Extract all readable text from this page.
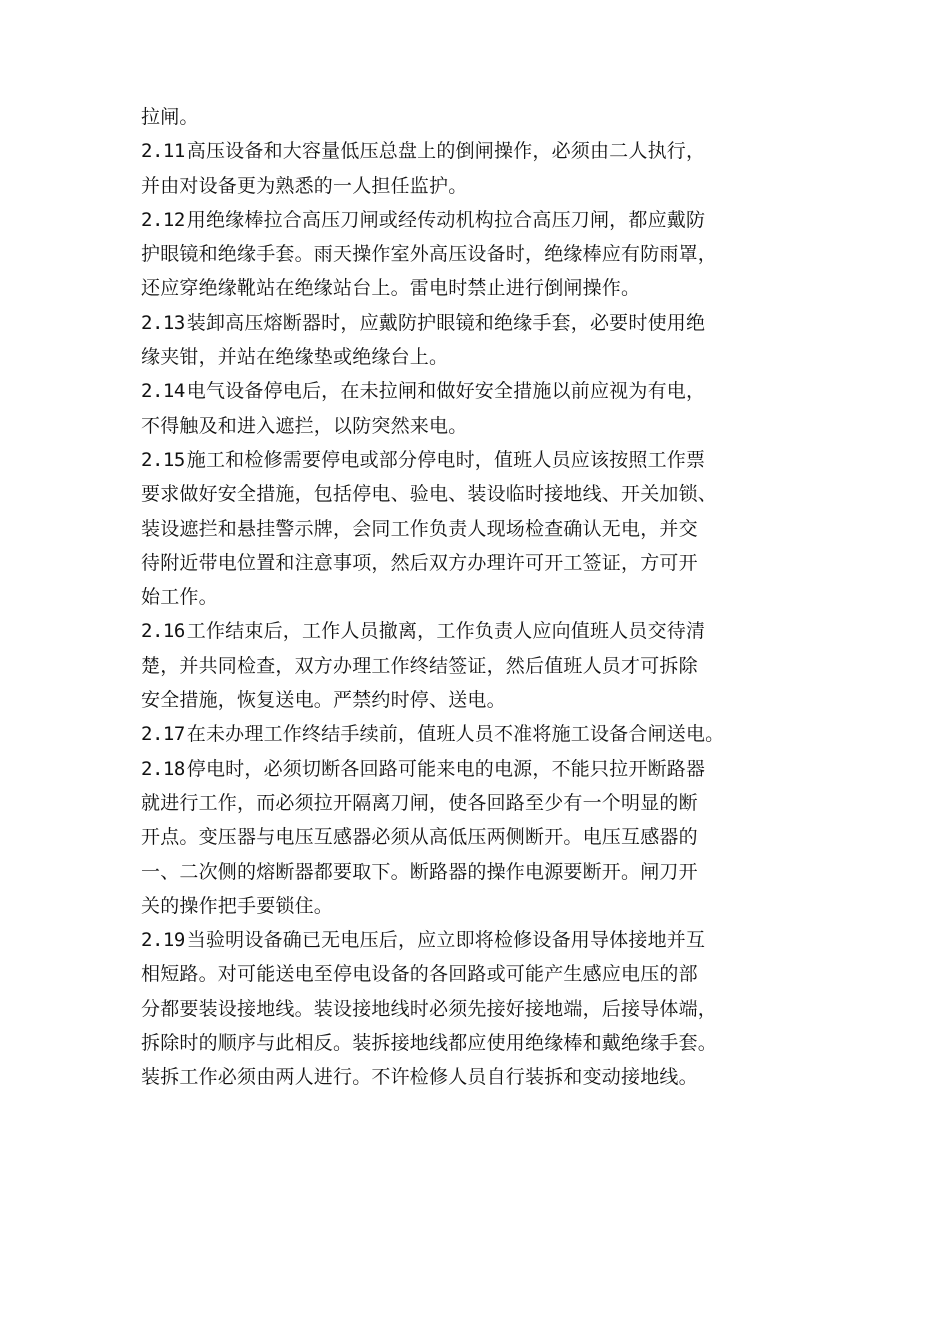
拉闸。
2.11 高压设备和大容量低压总盘上的倒闸操作，必须由二人执行，
并由对设备更为熟悉的一人担任监护。
2.12 用绝缘棒拉合高压刀闸或经传动机构拉合高压刀闸，都应戴防
护眼镜和绝缘手套。雨天操作室外高压设备时，绝缘棒应有防雨罩，
还应穿绝缘靴站在绝缘站台上。雷电时禁止进行倒闸操作。
2.13 装卸高压熔断器时，应戴防护眼镜和绝缘手套，必要时使用绝
缘夹钳，并站在绝缘垫或绝缘台上。
2.14 电气设备停电后，在未拉闸和做好安全措施以前应视为有电，
不得触及和进入遮拦，以防突然来电。
2.15 施工和检修需要停电或部分停电时，值班人员应该按照工作票
要求做好安全措施，包括停电、验电、装设临时接地线、开关加锁、
装设遮拦和悬挂警示牌，会同工作负责人现场检查确认无电，并交
待附近带电位置和注意事项，然后双方办理许可开工签证，方可开
始工作。
2.16 工作结束后，工作人员撤离，工作负责人应向值班人员交待清
楚，并共同检查，双方办理工作终结签证，然后值班人员才可拆除
安全措施，恢复送电。严禁约时停、送电。
2.17 在未办理工作终结手续前，值班人员不准将施工设备合闸送电。
2.18 停电时，必须切断各回路可能来电的电源，不能只拉开断路器
就进行工作，而必须拉开隔离刀闸，使各回路至少有一个明显的断
开点。变压器与电压互感器必须从高低压两侧断开。电压互感器的
一、二次侧的熔断器都要取下。断路器的操作电源要断开。闸刀开
关的操作把手要锁住。
2.19 当验明设备确已无电压后，应立即将检修设备用导体接地并互
相短路。对可能送电至停电设备的各回路或可能产生感应电压的部
分都要装设接地线。装设接地线时必须先接好接地端，后接导体端，
拆除时的顺序与此相反。装拆接地线都应使用绝缘棒和戴绝缘手套。
装拆工作必须由两人进行。不许检修人员自行装拆和变动接地线。
